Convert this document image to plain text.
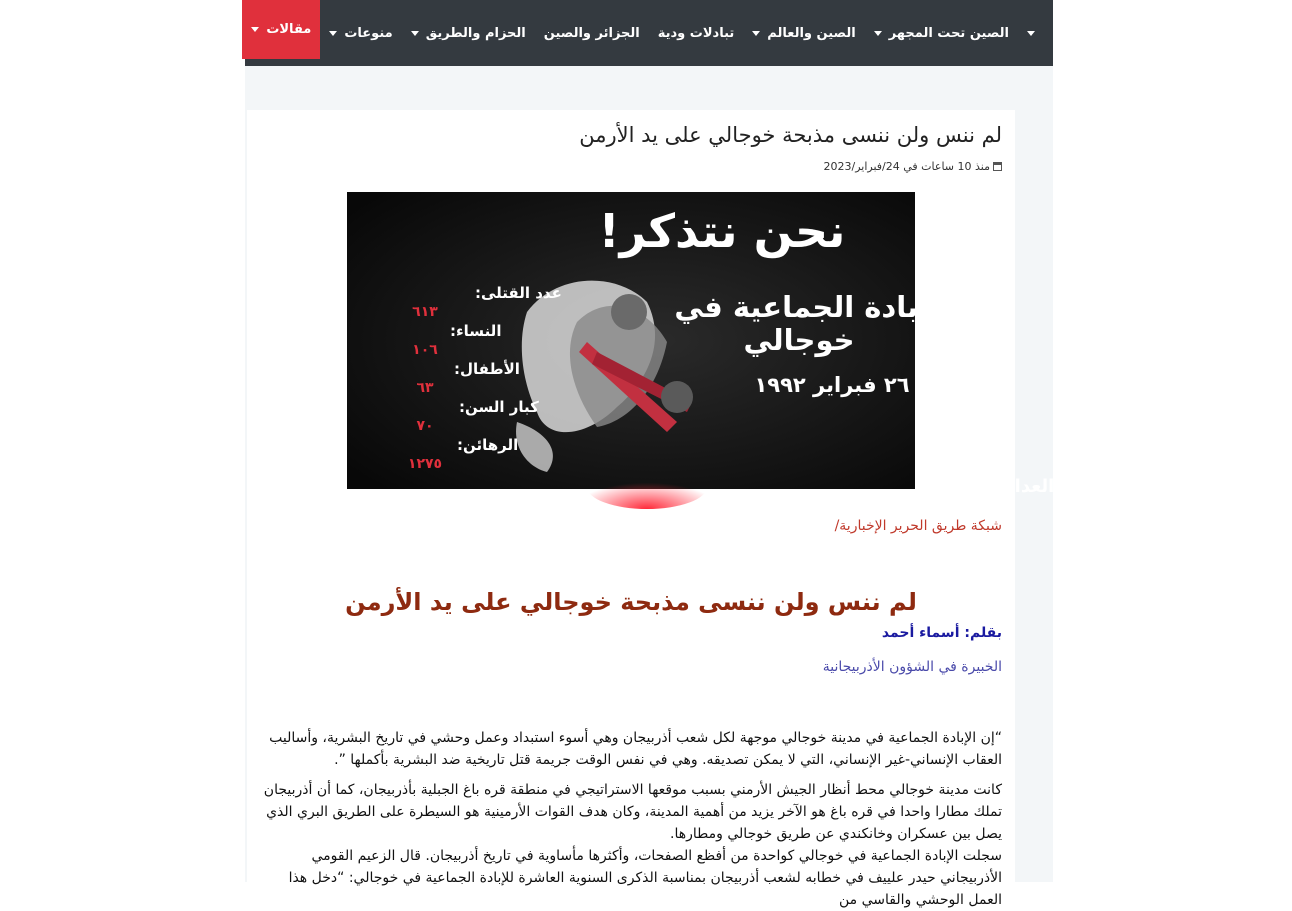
الصين تحت المجهر
الصين والعالم
تبادلات ودية
الجزائر والصين
الحزام والطريق
منوعات
مقالات
روابط
إتصل بنا
لم ننس ولن ننسى مذبحة خوجالي على يد الأرمن
منذ 10 ساعات في 24/فبراير/2023
نحن نتذكر!
الإبادة الجماعية في
خوجالي
٢٦ فبراير ١٩٩٢
#العدالة لخوجالي
عدد القتلى:
٦١٣
النساء:
١٠٦
الأطفال:
٦٣
كبار السن:
٧٠
الرهائن:
١٢٧٥
شبكة طريق الحرير الإخبارية/
لم ننس ولن ننسى مذبحة خوجالي على يد الأرمن
بقلم: أسماء أحمد
الخبيرة في الشؤون الأذربيجانية

“إن الإبادة الجماعية في مدينة خوجالي موجهة لكل شعب أذربيجان وهي أسوء استبداد وعمل وحشي في تاريخ البشرية، وأساليب العقاب الإنساني-غير الإنساني، التي لا يمكن تصديقه. وهي في نفس الوقت جريمة قتل تاريخية ضد البشرية بأكملها ”.

كانت مدينة خوجالي محط أنظار الجيش الأرمني بسبب موقعها الاستراتيجي في منطقة قره باغ الجبلية بأذربيجان، كما أن أذربيجان تملك مطارا واحدا في قره باغ هو الآخر يزيد من أهمية المدينة، وكان هدف القوات الأرمينية هو السيطرة على الطريق البري الذي يصل بين عسكران وخانكندي عن طريق خوجالي ومطارها.

سجلت الإبادة الجماعية في خوجالي كواحدة من أفظع الصفحات، وأكثرها مأساوية في تاريخ أذربيجان. قال الزعيم القومي الأذربيجاني حيدر علييف في خطابه لشعب أذربيجان بمناسبة الذكرى السنوية العاشرة للإبادة الجماعية في خوجالي: “دخل هذا العمل الوحشي والقاسي من
